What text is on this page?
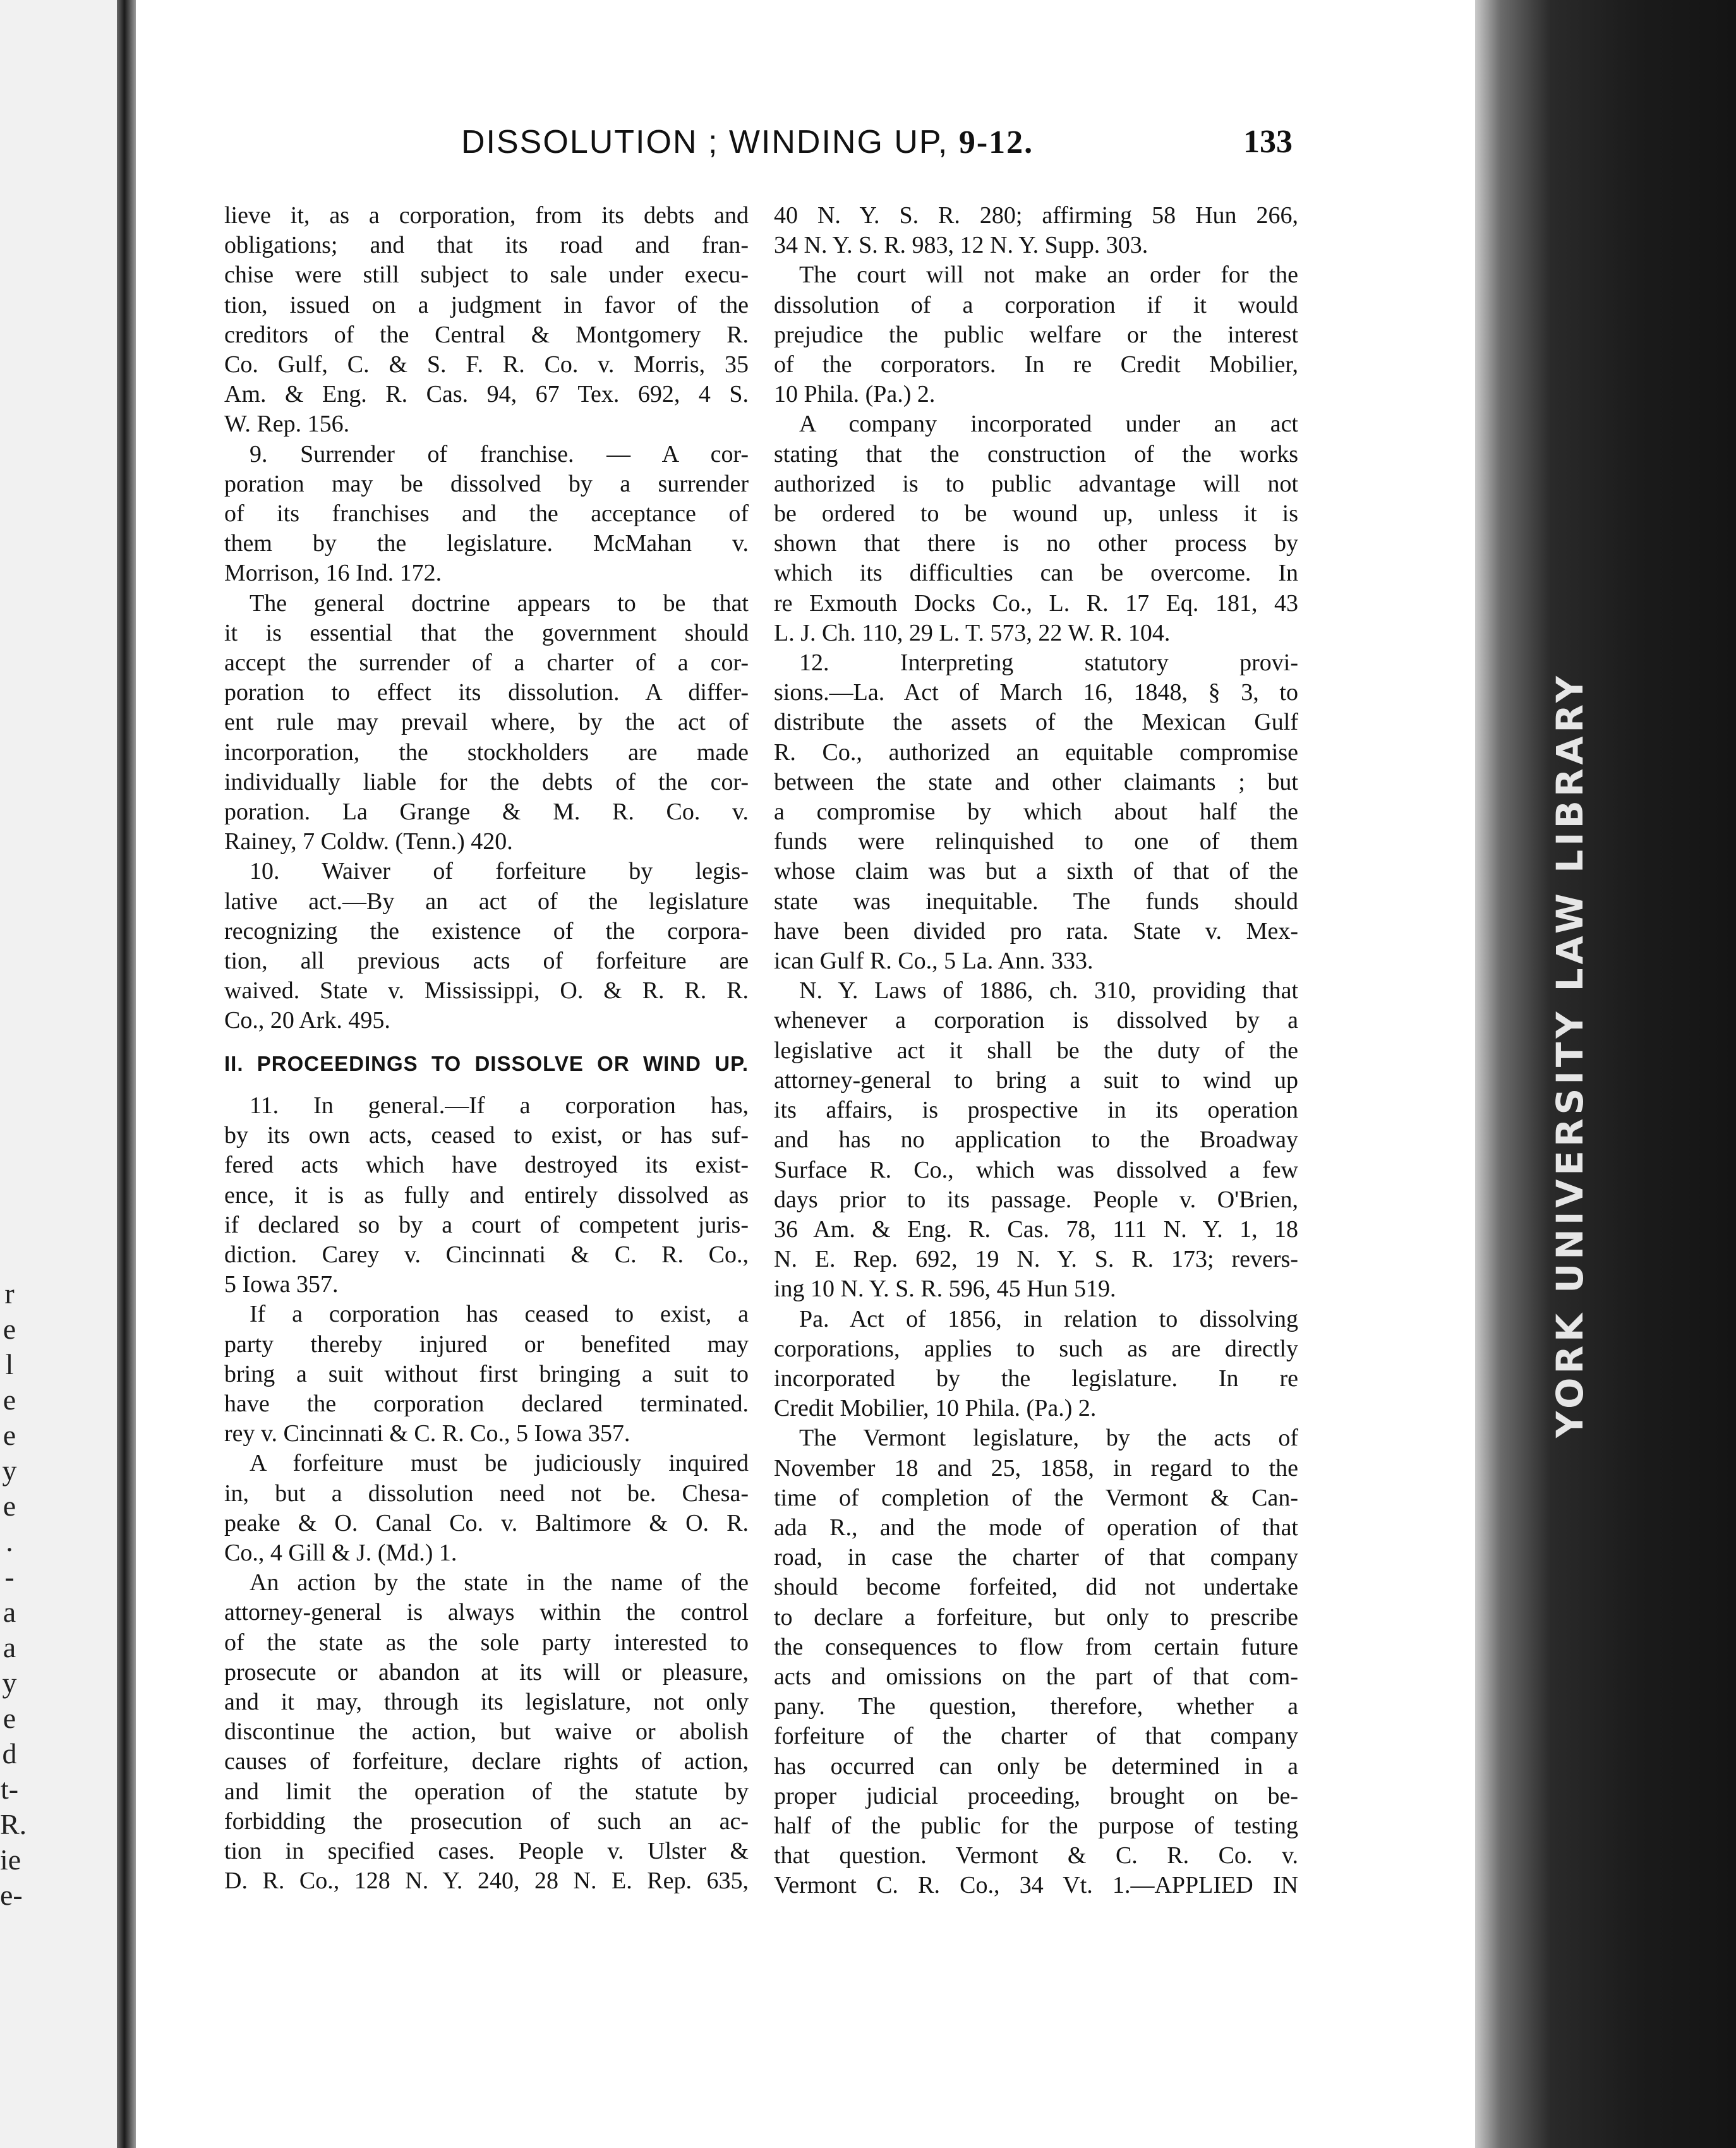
r
e
l
e
e
y
e
.
-
a
a
y
e
d
t-
R.
ie
e-
DISSOLUTION ; WINDING UP, 9-12.	133
lieve it, as a corporation, from its debts and
obligations; and that its road and fran-
chise were still subject to sale under execu-
tion, issued on a judgment in favor of the
creditors of the Central & Montgomery R.
Co. Gulf, C. & S. F. R. Co. v. Morris, 35
Am. & Eng. R. Cas. 94, 67 Tex. 692, 4 S.
W. Rep. 156.
9. Surrender of franchise. — A cor-
poration may be dissolved by a surrender
of its franchises and the acceptance of
them by the legislature. McMahan v.
Morrison, 16 Ind. 172.
The general doctrine appears to be that
it is essential that the government should
accept the surrender of a charter of a cor-
poration to effect its dissolution. A differ-
ent rule may prevail where, by the act of
incorporation, the stockholders are made
individually liable for the debts of the cor-
poration. La Grange & M. R. Co. v.
Rainey, 7 Coldw. (Tenn.) 420.
10. Waiver of forfeiture by legis-
lative act.—By an act of the legislature
recognizing the existence of the corpora-
tion, all previous acts of forfeiture are
waived. State v. Mississippi, O. & R. R. R.
Co., 20 Ark. 495.
II. PROCEEDINGS TO DISSOLVE OR WIND UP.
11. In general.—If a corporation has,
by its own acts, ceased to exist, or has suf-
fered acts which have destroyed its exist-
ence, it is as fully and entirely dissolved as
if declared so by a court of competent juris-
diction. Carey v. Cincinnati & C. R. Co.,
5 Iowa 357.
If a corporation has ceased to exist, a
party thereby injured or benefited may
bring a suit without first bringing a suit to
have the corporation declared terminated.
rey v. Cincinnati & C. R. Co., 5 Iowa 357.
A forfeiture must be judiciously inquired
in, but a dissolution need not be. Chesa-
peake & O. Canal Co. v. Baltimore & O. R.
Co., 4 Gill & J. (Md.) 1.
An action by the state in the name of the
attorney-general is always within the control
of the state as the sole party interested to
prosecute or abandon at its will or pleasure,
and it may, through its legislature, not only
discontinue the action, but waive or abolish
causes of forfeiture, declare rights of action,
and limit the operation of the statute by
forbidding the prosecution of such an ac-
tion in specified cases. People v. Ulster &
D. R. Co., 128 N. Y. 240, 28 N. E. Rep. 635,
40 N. Y. S. R. 280; affirming 58 Hun 266,
34 N. Y. S. R. 983, 12 N. Y. Supp. 303.
The court will not make an order for the
dissolution of a corporation if it would
prejudice the public welfare or the interest
of the corporators. In re Credit Mobilier,
10 Phila. (Pa.) 2.
A company incorporated under an act
stating that the construction of the works
authorized is to public advantage will not
be ordered to be wound up, unless it is
shown that there is no other process by
which its difficulties can be overcome. In
re Exmouth Docks Co., L. R. 17 Eq. 181, 43
L. J. Ch. 110, 29 L. T. 573, 22 W. R. 104.
12. Interpreting statutory provi-
sions.—La. Act of March 16, 1848, § 3, to
distribute the assets of the Mexican Gulf
R. Co., authorized an equitable compromise
between the state and other claimants ; but
a compromise by which about half the
funds were relinquished to one of them
whose claim was but a sixth of that of the
state was inequitable. The funds should
have been divided pro rata. State v. Mex-
ican Gulf R. Co., 5 La. Ann. 333.
N. Y. Laws of 1886, ch. 310, providing that
whenever a corporation is dissolved by a
legislative act it shall be the duty of the
attorney-general to bring a suit to wind up
its affairs, is prospective in its operation
and has no application to the Broadway
Surface R. Co., which was dissolved a few
days prior to its passage. People v. O'Brien,
36 Am. & Eng. R. Cas. 78, 111 N. Y. 1, 18
N. E. Rep. 692, 19 N. Y. S. R. 173; revers-
ing 10 N. Y. S. R. 596, 45 Hun 519.
Pa. Act of 1856, in relation to dissolving
corporations, applies to such as are directly
incorporated by the legislature. In re
Credit Mobilier, 10 Phila. (Pa.) 2.
The Vermont legislature, by the acts of
November 18 and 25, 1858, in regard to the
time of completion of the Vermont & Can-
ada R., and the mode of operation of that
road, in case the charter of that company
should become forfeited, did not undertake
to declare a forfeiture, but only to prescribe
the consequences to flow from certain future
acts and omissions on the part of that com-
pany. The question, therefore, whether a
forfeiture of the charter of that company
has occurred can only be determined in a
proper judicial proceeding, brought on be-
half of the public for the purpose of testing
that question. Vermont & C. R. Co. v.
Vermont C. R. Co., 34 Vt. 1.—APPLIED IN
YORK UNIVERSITY LAW LIBRARY
